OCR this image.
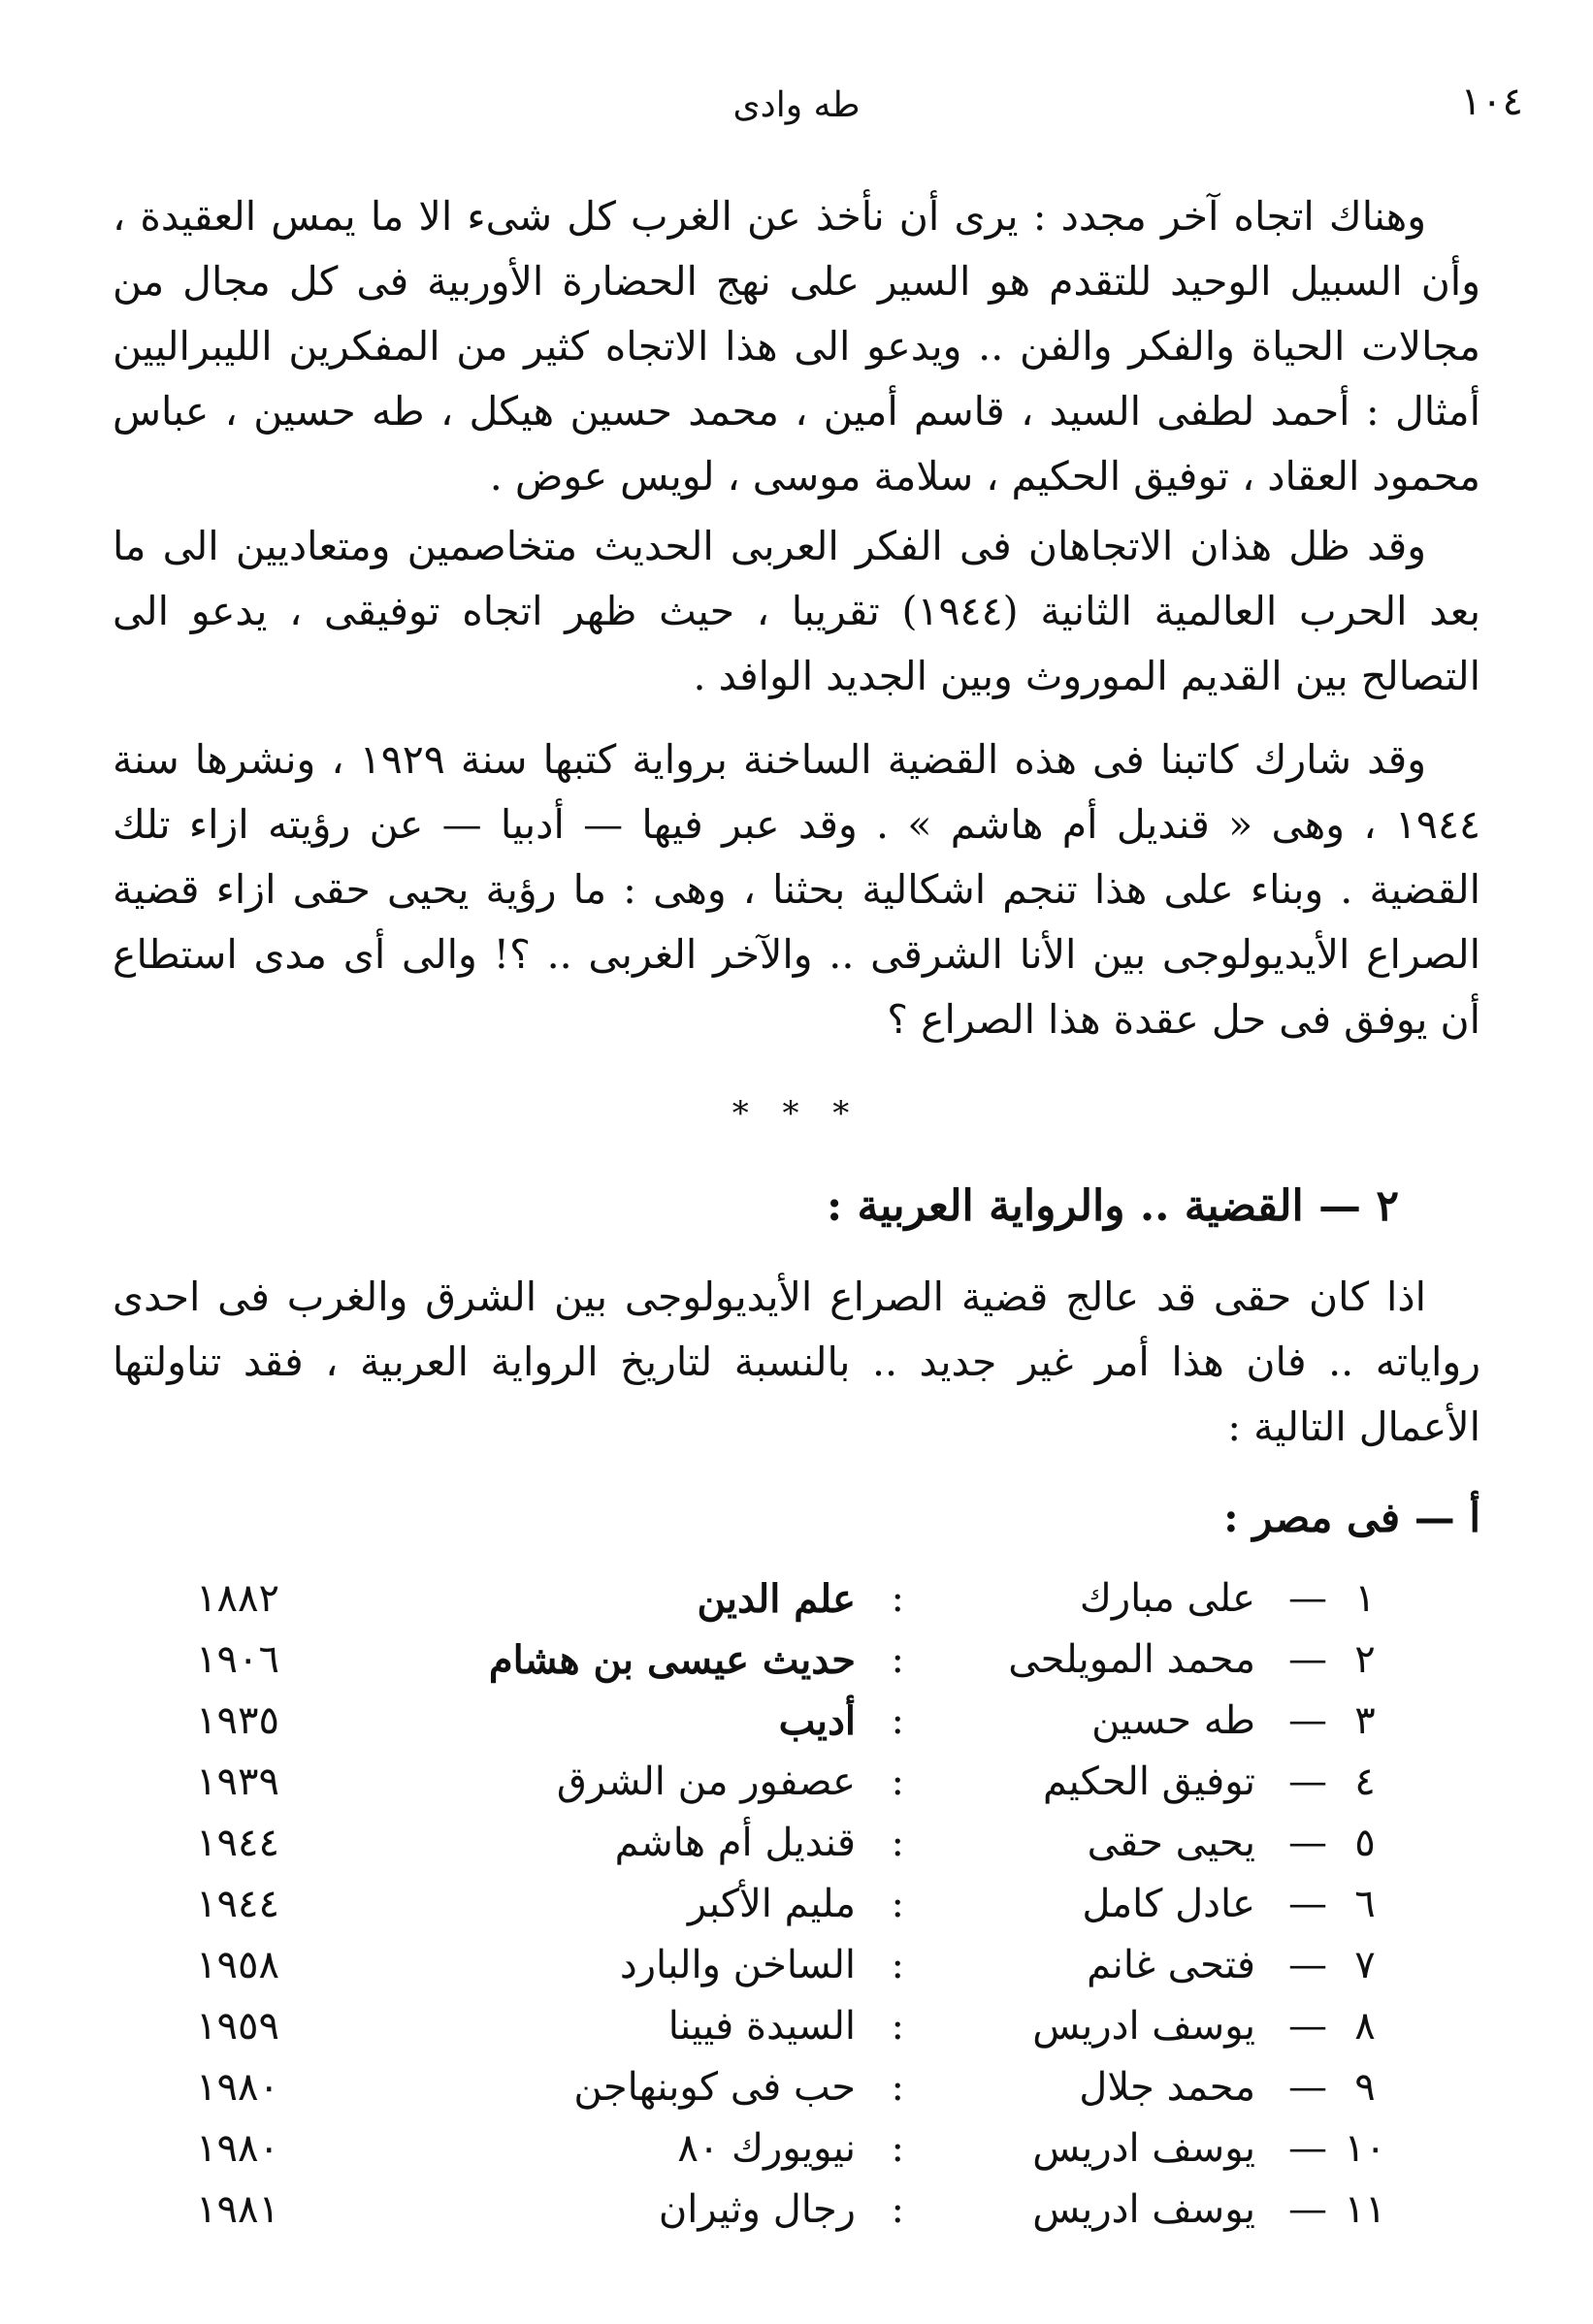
١٠٤
طه وادى

وهناك اتجاه آخر مجدد : يرى أن نأخذ عن الغرب كل شىء الا ما يمس العقيدة ، وأن السبيل الوحيد للتقدم هو السير على نهج الحضارة الأوربية فى كل مجال من مجالات الحياة والفكر والفن .. ويدعو الى هذا الاتجاه كثير من المفكرين الليبراليين أمثال : أحمد لطفى السيد ، قاسم أمين ، محمد حسين هيكل ، طه حسين ، عباس محمود العقاد ، توفيق الحكيم ، سلامة موسى ، لويس عوض .

وقد ظل هذان الاتجاهان فى الفكر العربى الحديث متخاصمين ومتعاديين الى ما بعد الحرب العالمية الثانية (١٩٤٤) تقريبا ، حيث ظهر اتجاه توفيقى ، يدعو الى التصالح بين القديم الموروث وبين الجديد الوافد .

وقد شارك كاتبنا فى هذه القضية الساخنة برواية كتبها سنة ١٩٢٩ ، ونشرها سنة ١٩٤٤ ، وهى « قنديل أم هاشم » . وقد عبر فيها — أدبيا — عن رؤيته ازاء تلك القضية . وبناء على هذا تنجم اشكالية بحثنا ، وهى : ما رؤية يحيى حقى ازاء قضية الصراع الأيديولوجى بين الأنا الشرقى .. والآخر الغربى .. ؟! والى أى مدى استطاع أن يوفق فى حل عقدة هذا الصراع ؟

* * *
٢ — القضية .. والرواية العربية :

اذا كان حقى قد عالج قضية الصراع الأيديولوجى بين الشرق والغرب فى احدى رواياته .. فان هذا أمر غير جديد .. بالنسبة لتاريخ الرواية العربية ، فقد تناولتها الأعمال التالية :

أ — فى مصر :
١
—
على مبارك
:
علم الدين
١٨٨٢
٢
—
محمد المويلحى
:
حديث عيسى بن هشام
١٩٠٦
٣
—
طه حسين
:
أديب
١٩٣٥
٤
—
توفيق الحكيم
:
عصفور من الشرق
١٩٣٩
٥
—
يحيى حقى
:
قنديل أم هاشم
١٩٤٤
٦
—
عادل كامل
:
مليم الأكبر
١٩٤٤
٧
—
فتحى غانم
:
الساخن والبارد
١٩٥٨
٨
—
يوسف ادريس
:
السيدة فيينا
١٩٥٩
٩
—
محمد جلال
:
حب فى كوبنهاجن
١٩٨٠
١٠
—
يوسف ادريس
:
نيويورك ٨٠
١٩٨٠
١١
—
يوسف ادريس
:
رجال وثيران
١٩٨١
